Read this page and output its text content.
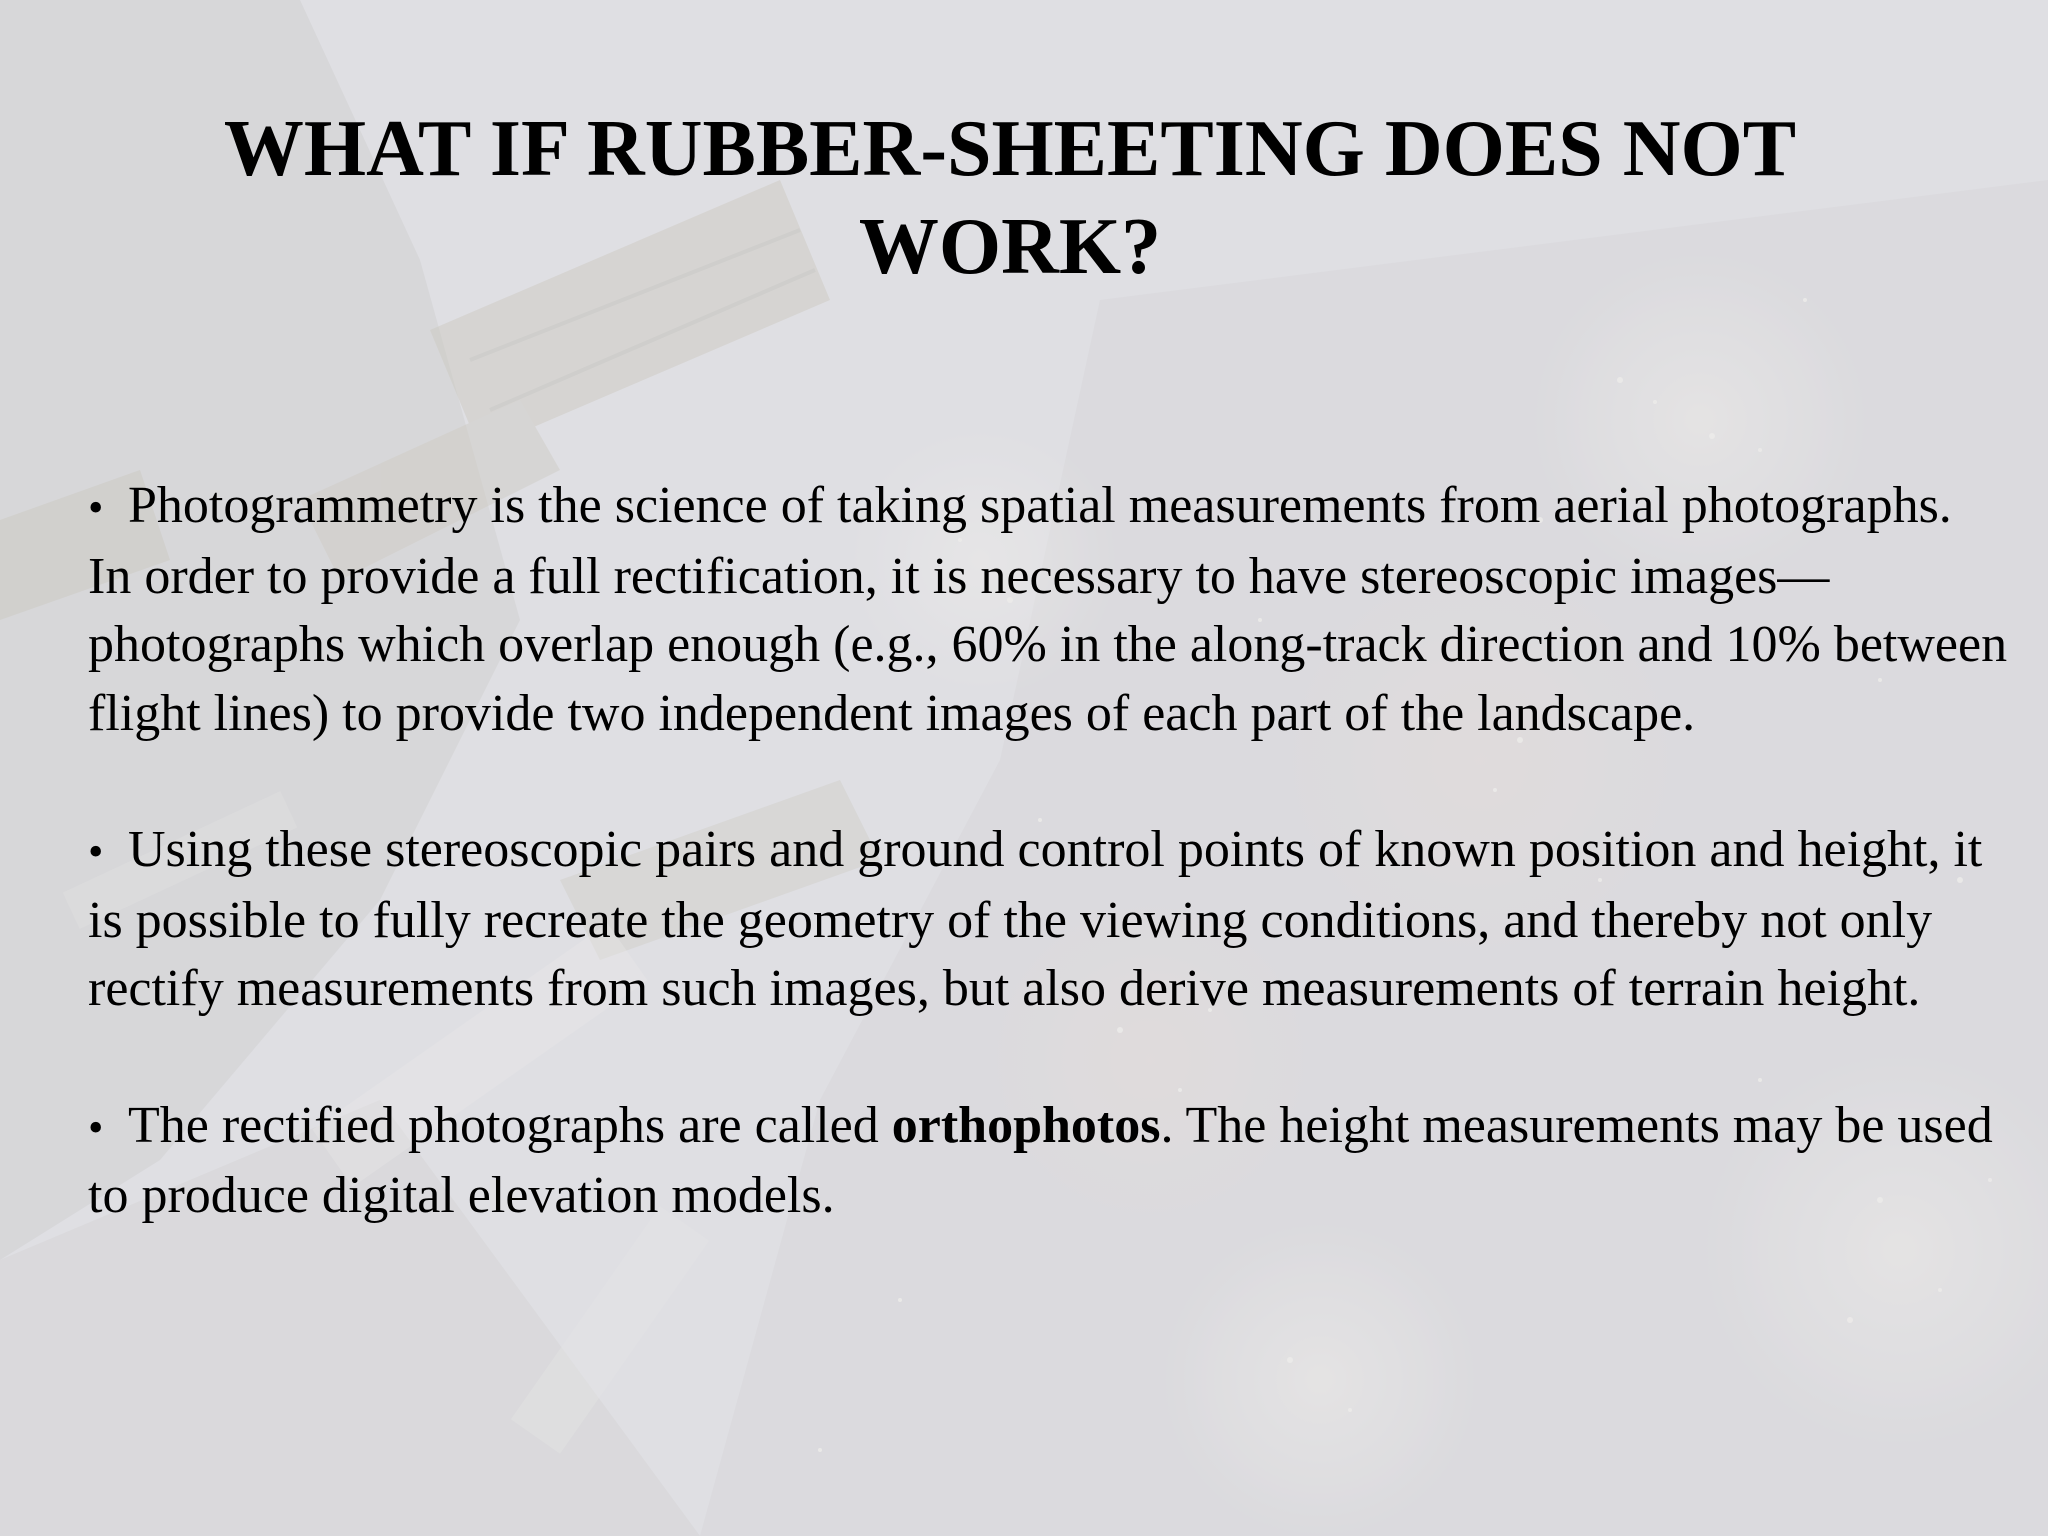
WHAT IF RUBBER-SHEETING DOES NOT WORK?

• Photogrammetry is the science of taking spatial measurements from aerial photographs. In order to provide a full rectification, it is necessary to have stereoscopic images—photographs which overlap enough (e.g., 60% in the along-track direction and 10% between flight lines) to provide two independent images of each part of the landscape.

• Using these stereoscopic pairs and ground control points of known position and height, it is possible to fully recreate the geometry of the viewing conditions, and thereby not only rectify measurements from such images, but also derive measurements of terrain height.

• The rectified photographs are called orthophotos. The height measurements may be used to produce digital elevation models.
